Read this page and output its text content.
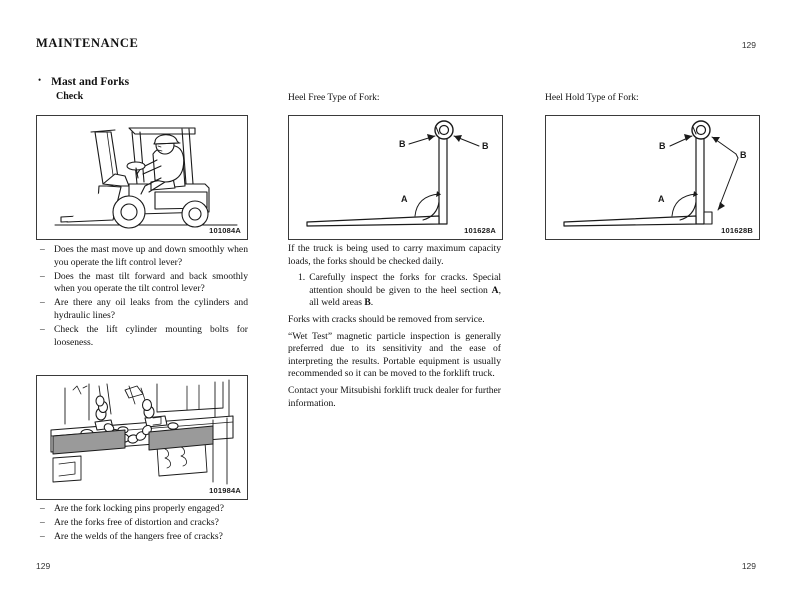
MAINTENANCE	129
• Mast and Forks
Check	Heel Free Type of Fork:	Heel Hold Type of Fork:
101084A
– Does the mast move up and down smoothly when you operate the lift control lever?
– Does the mast tilt forward and back smoothly when you operate the tilt control lever?
– Are there any oil leaks from the cylinders and hydraulic lines?
– Check the lift cylinder mounting bolts for looseness.
101984A
– Are the fork locking pins properly engaged?
– Are the forks free of distortion and cracks?
– Are the welds of the hangers free of cracks?
B	B
A
101628A
B
B
A
101628B

If the truck is being used to carry maximum capacity loads, the forks should be checked daily.

1. Carefully inspect the forks for cracks. Special attention should be given to the heel section A, all weld areas B.

Forks with cracks should be removed from service.

“Wet Test” magnetic particle inspection is generally preferred due to its sensitivity and the ease of interpreting the results. Portable equipment is usually recommended so it can be moved to the forklift truck.

Contact your Mitsubishi forklift truck dealer for further information.

129	129
